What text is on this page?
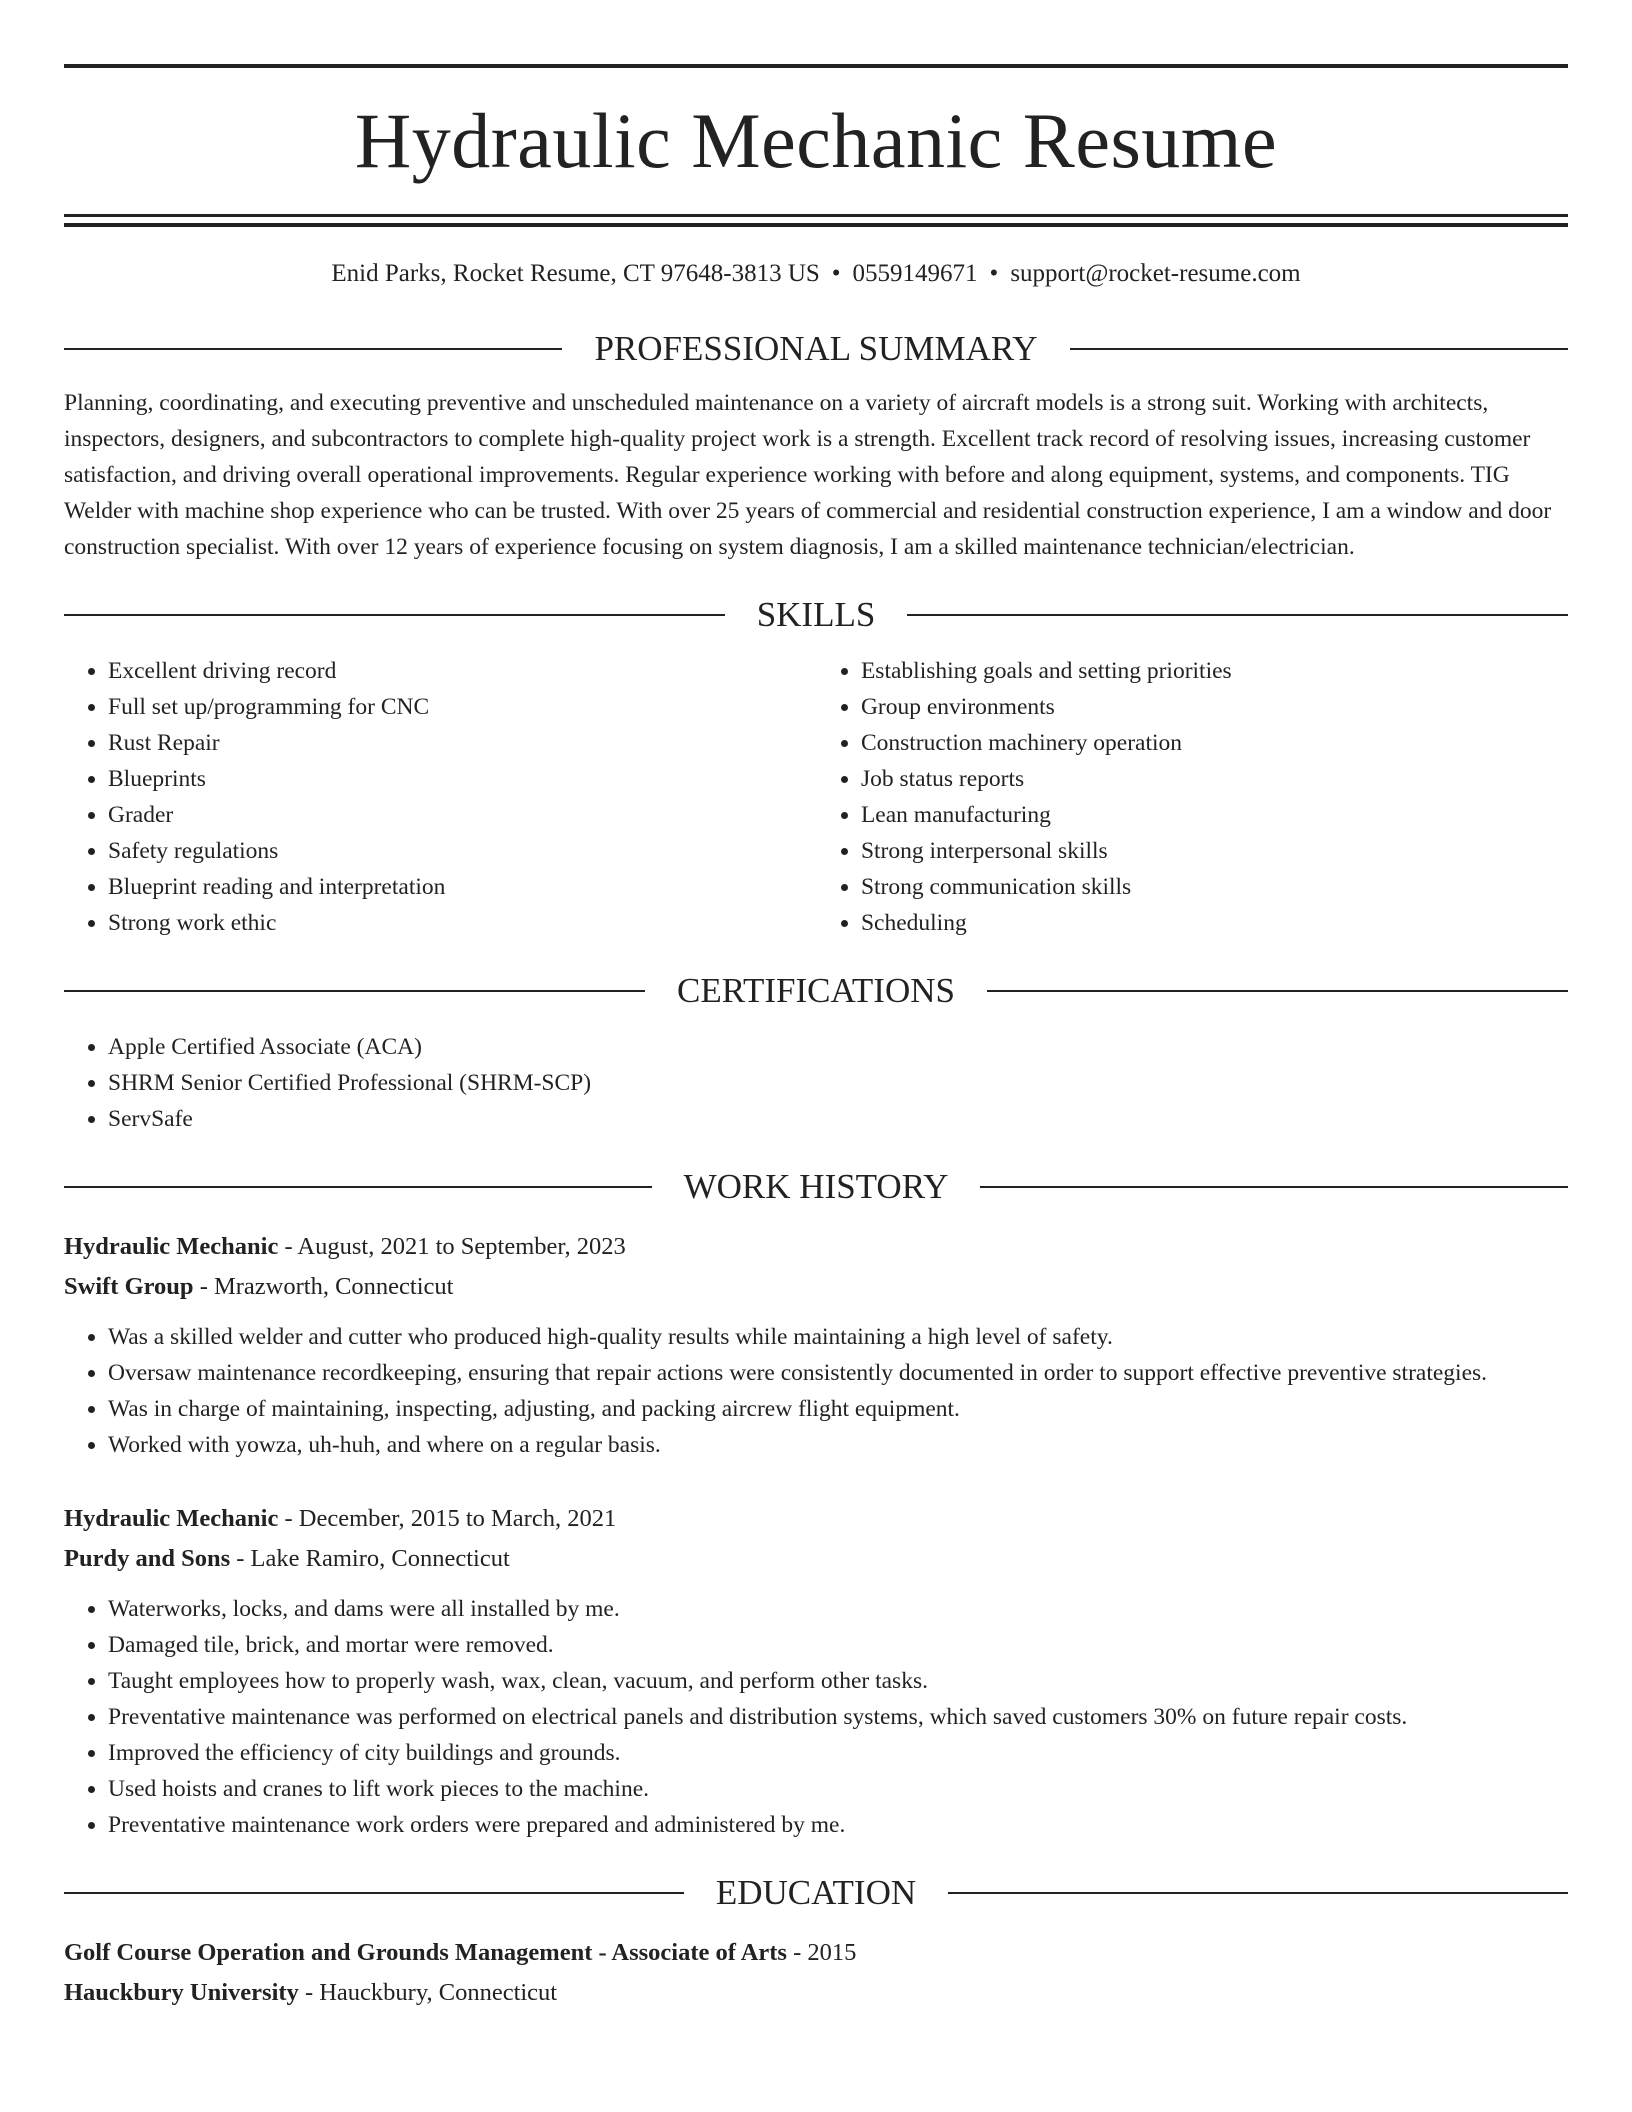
Hydraulic Mechanic Resume
Enid Parks, Rocket Resume, CT 97648-3813 US • 0559149671 • support@rocket-resume.com
PROFESSIONAL SUMMARY

Planning, coordinating, and executing preventive and unscheduled maintenance on a variety of aircraft models is a strong suit. Working with architects, inspectors, designers, and subcontractors to complete high-quality project work is a strength. Excellent track record of resolving issues, increasing customer satisfaction, and driving overall operational improvements. Regular experience working with before and along equipment, systems, and components. TIG Welder with machine shop experience who can be trusted. With over 25 years of commercial and residential construction experience, I am a window and door construction specialist. With over 12 years of experience focusing on system diagnosis, I am a skilled maintenance technician/electrician.

SKILLS
• Excellent driving record
• Full set up/programming for CNC
• Rust Repair
• Blueprints
• Grader
• Safety regulations
• Blueprint reading and interpretation
• Strong work ethic
• Establishing goals and setting priorities
• Group environments
• Construction machinery operation
• Job status reports
• Lean manufacturing
• Strong interpersonal skills
• Strong communication skills
• Scheduling
CERTIFICATIONS
• Apple Certified Associate (ACA)
• SHRM Senior Certified Professional (SHRM-SCP)
• ServSafe
WORK HISTORY
Hydraulic Mechanic - August, 2021 to September, 2023
Swift Group - Mrazworth, Connecticut
• Was a skilled welder and cutter who produced high-quality results while maintaining a high level of safety.
• Oversaw maintenance recordkeeping, ensuring that repair actions were consistently documented in order to support effective preventive strategies.
• Was in charge of maintaining, inspecting, adjusting, and packing aircrew flight equipment.
• Worked with yowza, uh-huh, and where on a regular basis.
Hydraulic Mechanic - December, 2015 to March, 2021
Purdy and Sons - Lake Ramiro, Connecticut
• Waterworks, locks, and dams were all installed by me.
• Damaged tile, brick, and mortar were removed.
• Taught employees how to properly wash, wax, clean, vacuum, and perform other tasks.
• Preventative maintenance was performed on electrical panels and distribution systems, which saved customers 30% on future repair costs.
• Improved the efficiency of city buildings and grounds.
• Used hoists and cranes to lift work pieces to the machine.
• Preventative maintenance work orders were prepared and administered by me.
EDUCATION
Golf Course Operation and Grounds Management - Associate of Arts - 2015
Hauckbury University - Hauckbury, Connecticut
